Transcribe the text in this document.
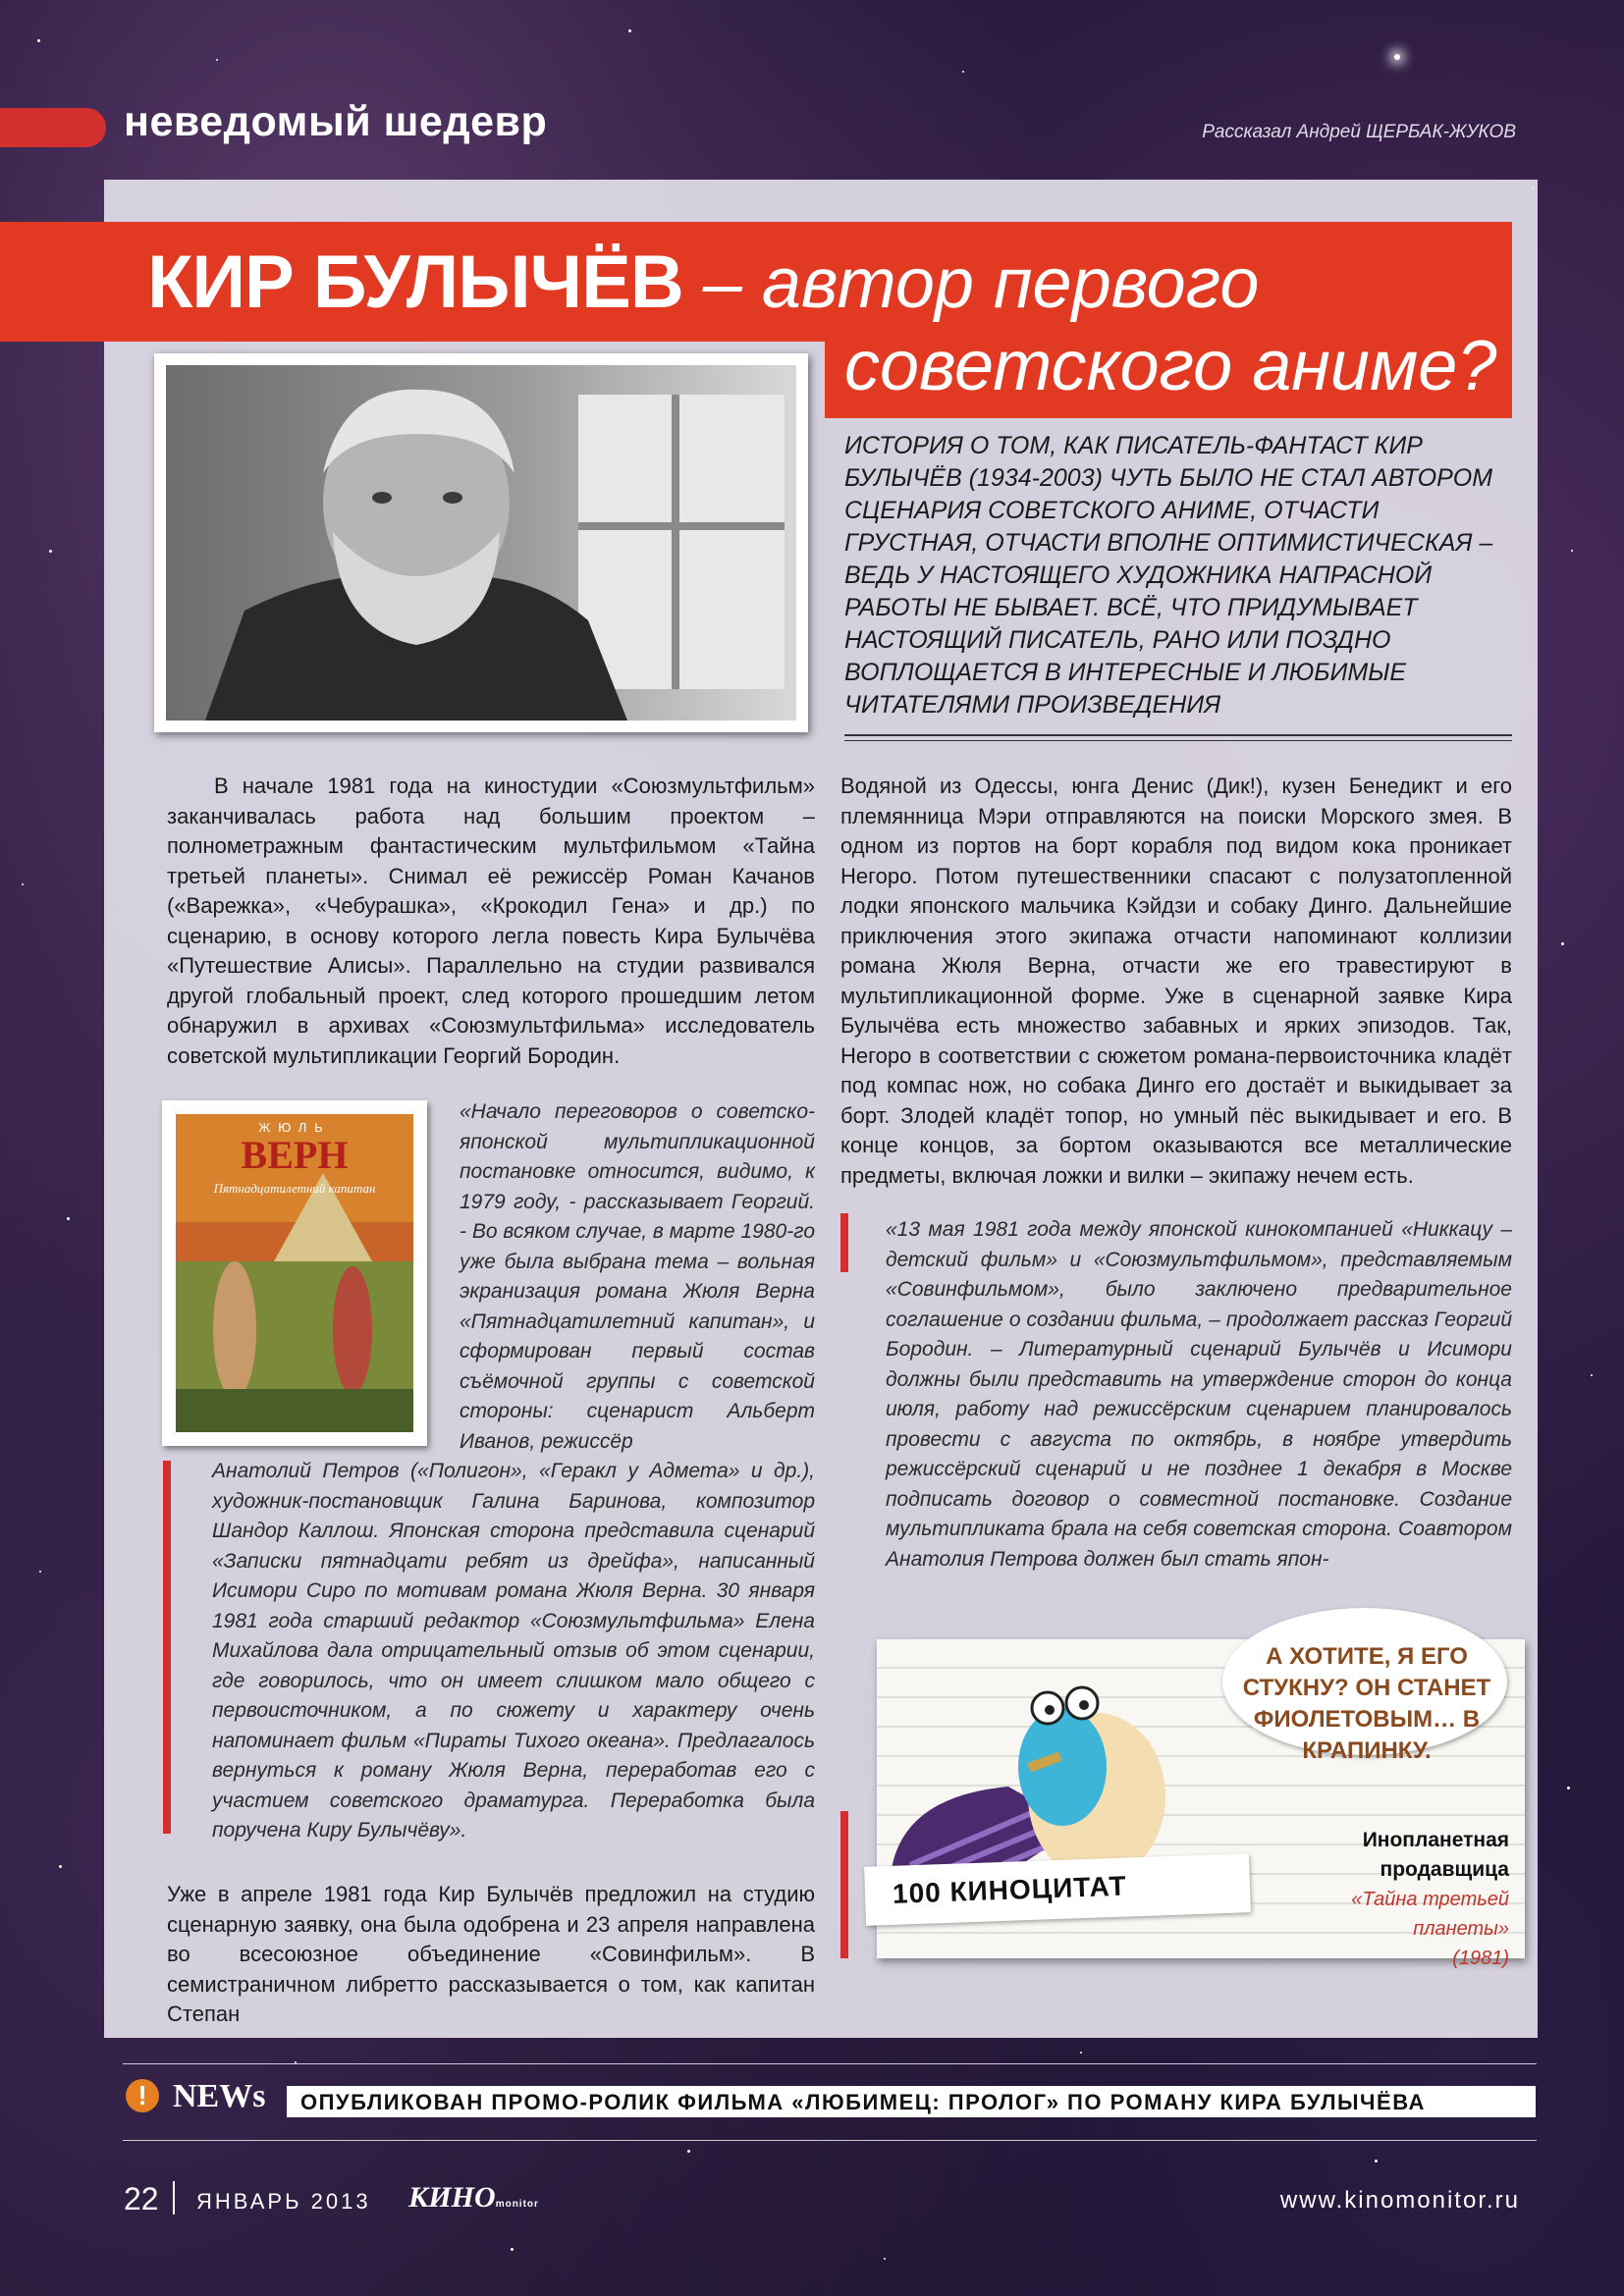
неведомый шедевр	Рассказал Андрей ЩЕРБАК-ЖУКОВ
КИР БУЛЫЧЁВ – автор первого
советского аниме?
ИСТОРИЯ О ТОМ, КАК ПИСАТЕЛЬ-ФАНТАСТ КИР БУЛЫЧЁВ (1934-2003) ЧУТЬ БЫЛО НЕ СТАЛ АВТОРОМ СЦЕНАРИЯ СОВЕТСКОГО АНИМЕ, ОТЧАСТИ ГРУСТНАЯ, ОТЧАСТИ ВПОЛНЕ ОПТИМИСТИЧЕСКАЯ – ВЕДЬ У НАСТОЯЩЕГО ХУДОЖНИКА НАПРАСНОЙ РАБОТЫ НЕ БЫВАЕТ. ВСЁ, ЧТО ПРИДУМЫВАЕТ НАСТОЯЩИЙ ПИСАТЕЛЬ, РАНО ИЛИ ПОЗДНО ВОПЛОЩАЕТСЯ В ИНТЕРЕСНЫЕ И ЛЮБИМЫЕ ЧИТАТЕЛЯМИ ПРОИЗВЕДЕНИЯ

В начале 1981 года на киностудии «Союзмультфильм» заканчивалась работа над большим проектом – полнометражным фантастическим мультфильмом «Тайна третьей планеты». Снимал её режиссёр Роман Качанов («Варежка», «Чебурашка», «Крокодил Гена» и др.) по сценарию, в основу которого легла повесть Кира Булычёва «Путешествие Алисы». Параллельно на студии развивался другой глобальный проект, след которого прошедшим летом обнаружил в архивах «Союзмультфильма» исследователь советской мультипликации Георгий Бородин.

ЖЮЛЬ
ВЕРН
Пятнадцатилетний капитан
«Начало переговоров о советско-японской мультипликационной постановке относится, видимо, к 1979 году, - рассказывает Георгий. - Во всяком случае, в марте 1980-го уже была выбрана тема – вольная экранизация романа Жюля Верна «Пятнадцатилетний капитан», и сформирован первый состав съёмочной группы с советской стороны: сценарист Альберт Иванов, режиссёр
Анатолий Петров («Полигон», «Геракл у Адмета» и др.), художник-постановщик Галина Баринова, композитор Шандор Каллош. Японская сторона представила сценарий «Записки пятнадцати ребят из дрейфа», написанный Исимори Сиро по мотивам романа Жюля Верна. 30 января 1981 года старший редактор «Союзмультфильма» Елена Михайлова дала отрицательный отзыв об этом сценарии, где говорилось, что он имеет слишком мало общего с первоисточником, а по сюжету и характеру очень напоминает фильм «Пираты Тихого океана». Предлагалось вернуться к роману Жюля Верна, переработав его с участием советского драматурга. Переработка была поручена Киру Булычёву».

Уже в апреле 1981 года Кир Булычёв предложил на студию сценарную заявку, она была одобрена и 23 апреля направлена во всесоюзное объединение «Совинфильм». В семистраничном либретто рассказывается о том, как капитан Степан

Водяной из Одессы, юнга Денис (Дик!), кузен Бенедикт и его племянница Мэри отправляются на поиски Морского змея. В одном из портов на борт корабля под видом кока проникает Негоро. Потом путешественники спасают с полузатопленной лодки японского мальчика Кэйдзи и собаку Динго. Дальнейшие приключения этого экипажа отчасти напоминают коллизии романа Жюля Верна, отчасти же его травестируют в мультипликационной форме. Уже в сценарной заявке Кира Булычёва есть множество забавных и ярких эпизодов. Так, Негоро в соответствии с сюжетом романа-первоисточника кладёт под компас нож, но собака Динго его достаёт и выкидывает за борт. Злодей кладёт топор, но умный пёс выкидывает и его. В конце концов, за бортом оказываются все металлические предметы, включая ложки и вилки – экипажу нечем есть.

«13 мая 1981 года между японской кинокомпанией «Никкацу – детский фильм» и «Союзмультфильмом», представляемым «Совинфильмом», было заключено предварительное соглашение о создании фильма, – продолжает рассказ Георгий Бородин. – Литературный сценарий Булычёв и Исимори должны были представить на утверждение сторон до конца июля, работу над режиссёрским сценарием планировалось провести с августа по октябрь, в ноябре утвердить режиссёрский сценарий и не позднее 1 декабря в Москве подписать договор о совместной постановке. Создание мультипликата брала на себя советская сторона. Соавтором Анатолия Петрова должен был стать япон-
А ХОТИТЕ, Я ЕГО СТУКНУ? ОН СТАНЕТ ФИОЛЕТОВЫМ… В КРАПИНКУ.
100 КИНОЦИТАТ
Инопланетная продавщица
«Тайна третьей планеты»
(1981)
! NEWs ОПУБЛИКОВАН ПРОМО-РОЛИК ФИЛЬМА «ЛЮБИМЕЦ: ПРОЛОГ» ПО РОМАНУ КИРА БУЛЫЧЁВА
22 ЯНВАРЬ 2013 КИНОmonitor	www.kinomonitor.ru
